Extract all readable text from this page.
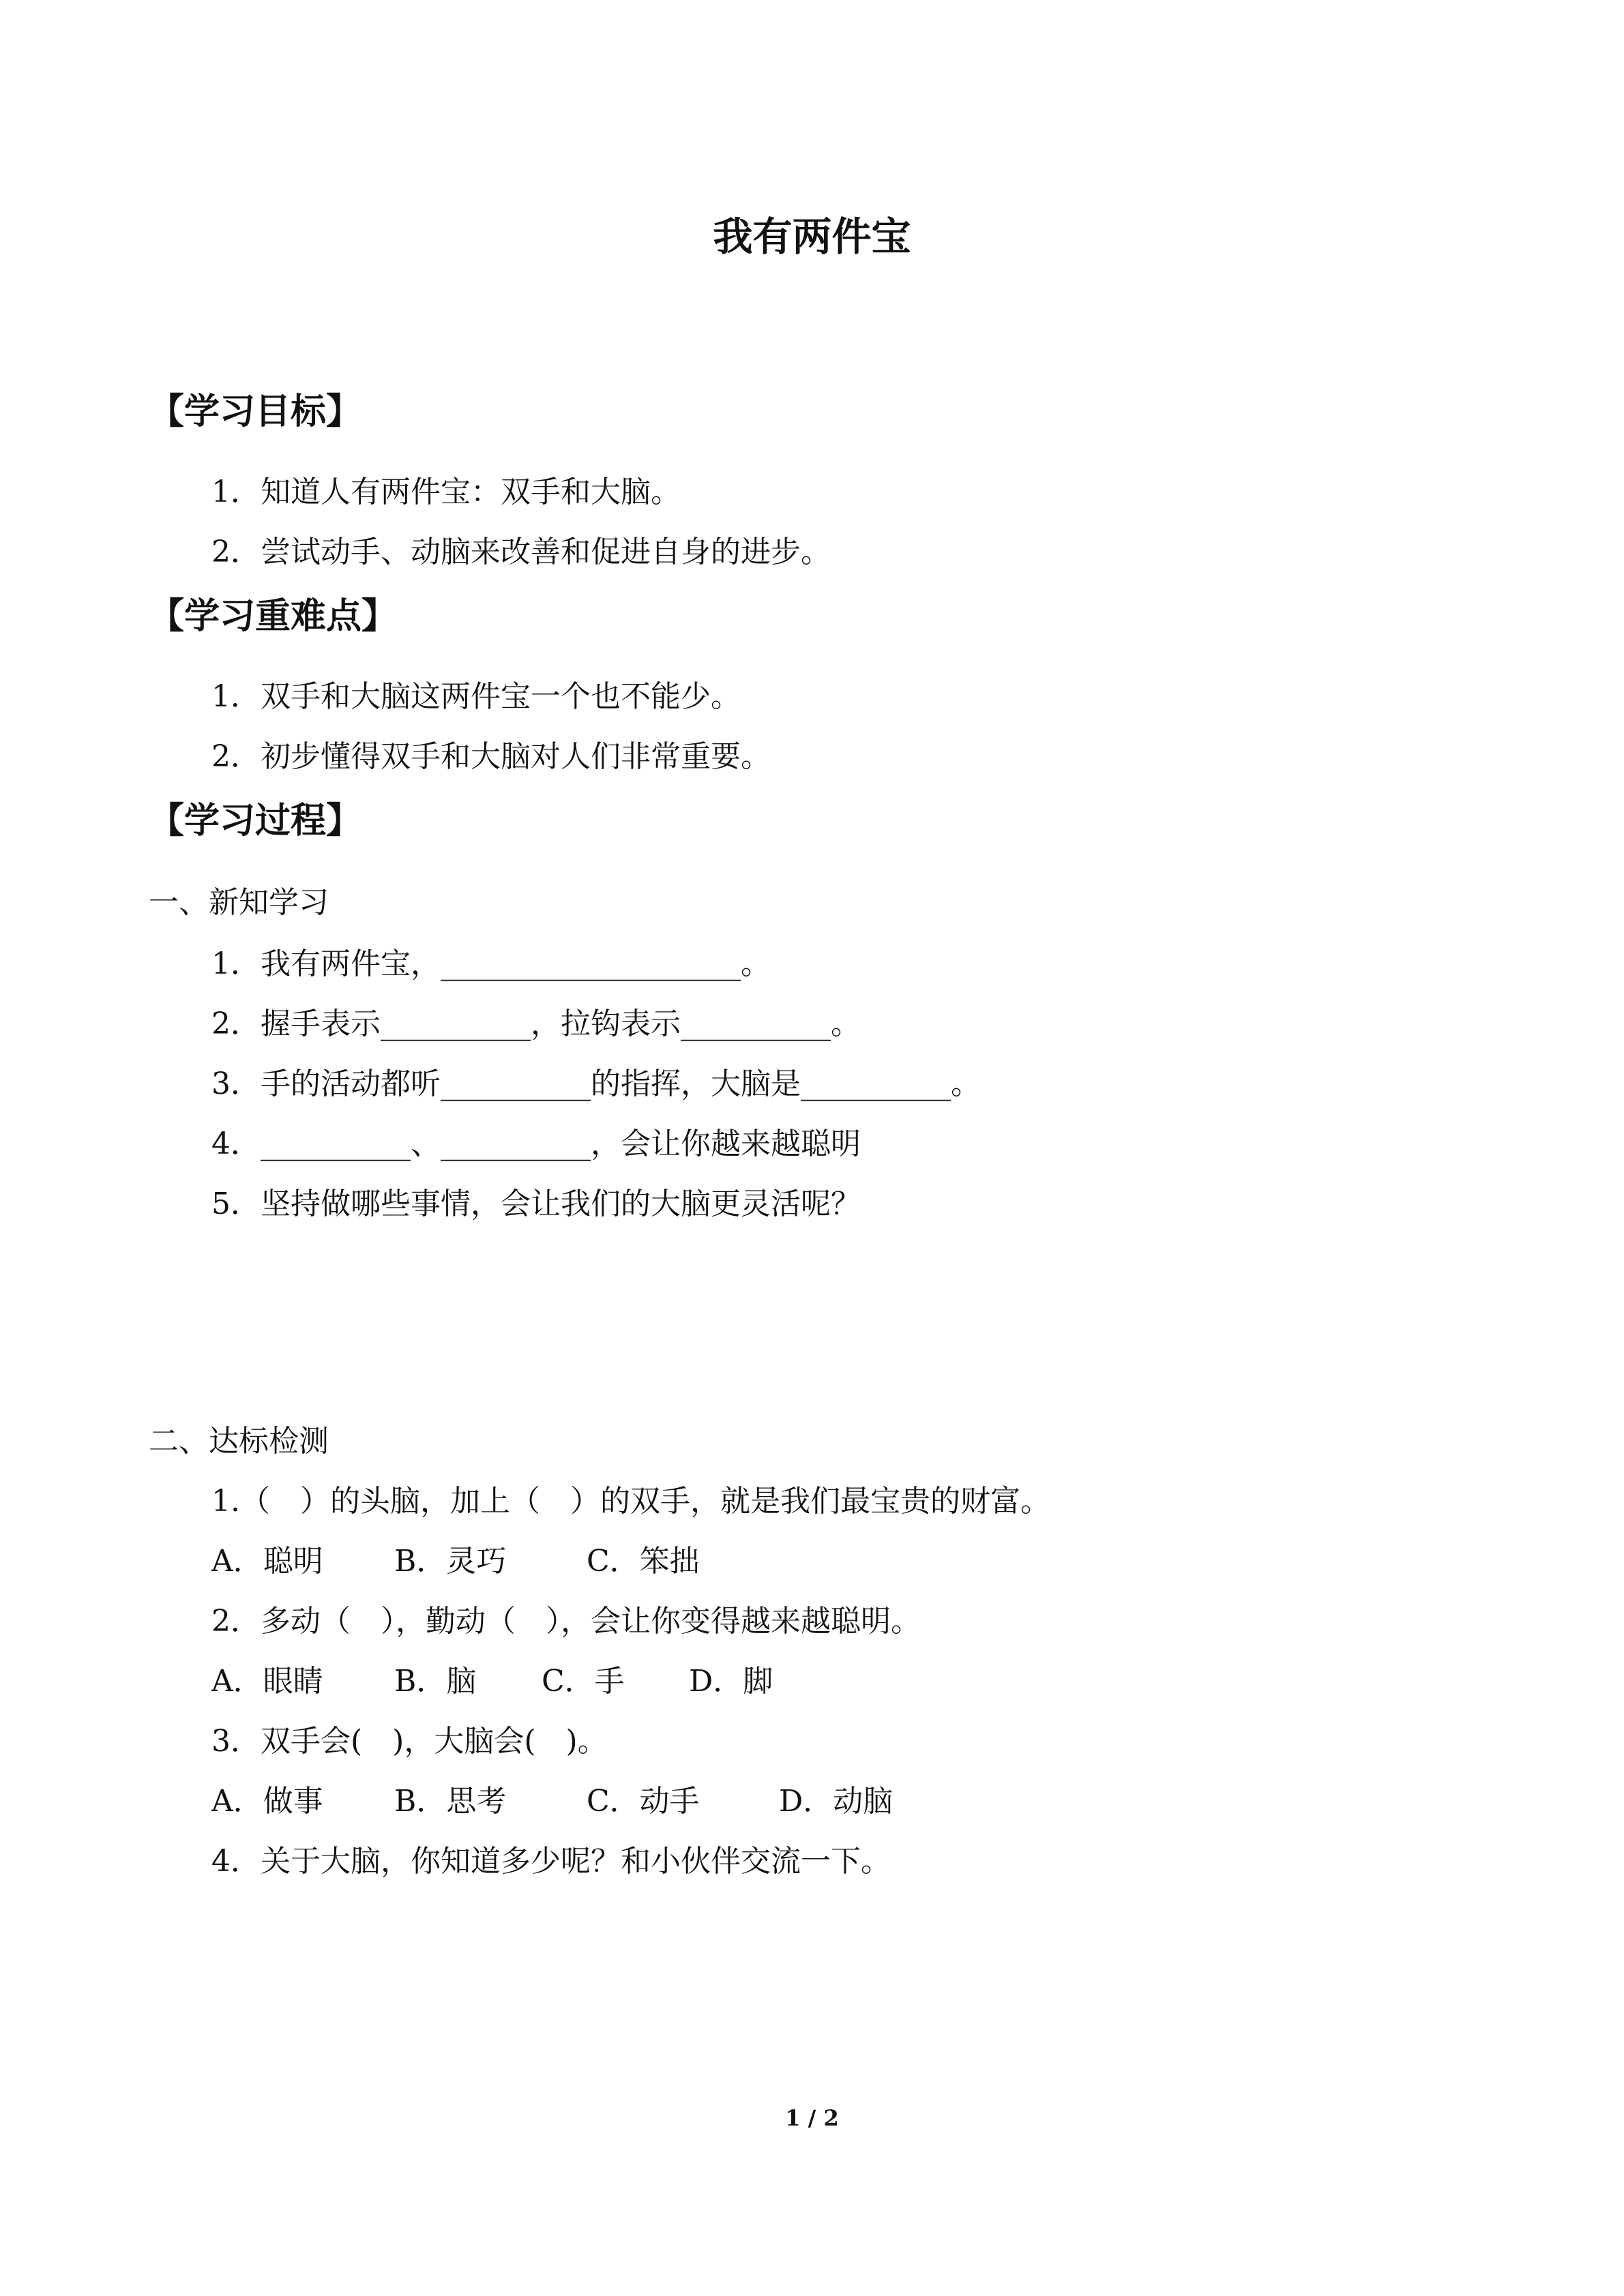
我有两件宝
【学习目标】
1．知道人有两件宝：双手和大脑。
2．尝试动手、动脑来改善和促进自身的进步。
【学习重难点】
1．双手和大脑这两件宝一个也不能少。
2．初步懂得双手和大脑对人们非常重要。
【学习过程】
一、新知学习
1．我有两件宝，____________________。
2．握手表示__________，拉钩表示__________。
3．手的活动都听__________的指挥，大脑是__________。
4．__________、__________，会让你越来越聪明
5．坚持做哪些事情，会让我们的大脑更灵活呢？
二、达标检测
1.（　）的头脑，加上（　）的双手，就是我们最宝贵的财富。
A．聪明 B．灵巧	C．笨拙
2．多动（　），勤动（　），会让你变得越来越聪明。
A．眼睛 B．脑 C．手 D．脚
3．双手会(　)，大脑会(　)。
A．做事 B．思考	C．动手	D．动脑
4．关于大脑，你知道多少呢？和小伙伴交流一下。
1 / 2
